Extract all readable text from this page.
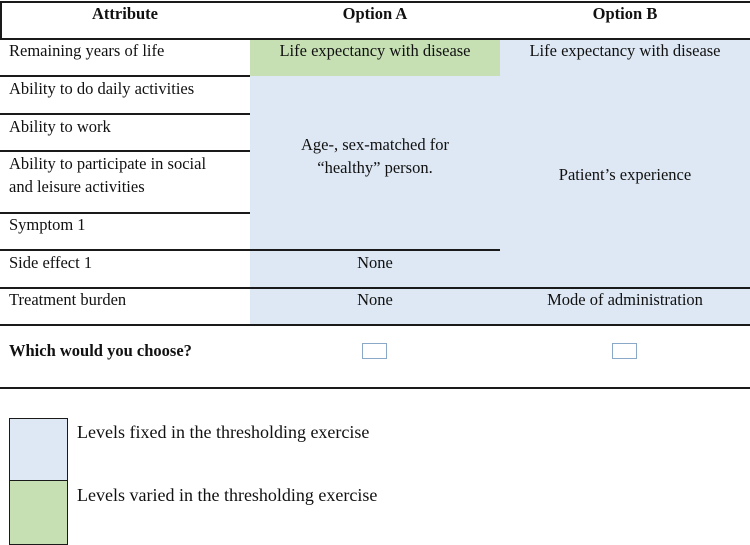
Attribute	Option A	Option B
Remaining years of life
Ability to do daily activities
Ability to work
Ability to participate in social
and leisure activities
Symptom 1
Side effect 1
Treatment burden
Life expectancy with disease
Age-, sex-matched for
“healthy” person.
None
None
Life expectancy with disease
Patient’s experience
Mode of administration
Which would you choose?
Levels fixed in the thresholding exercise
Levels varied in the thresholding exercise
